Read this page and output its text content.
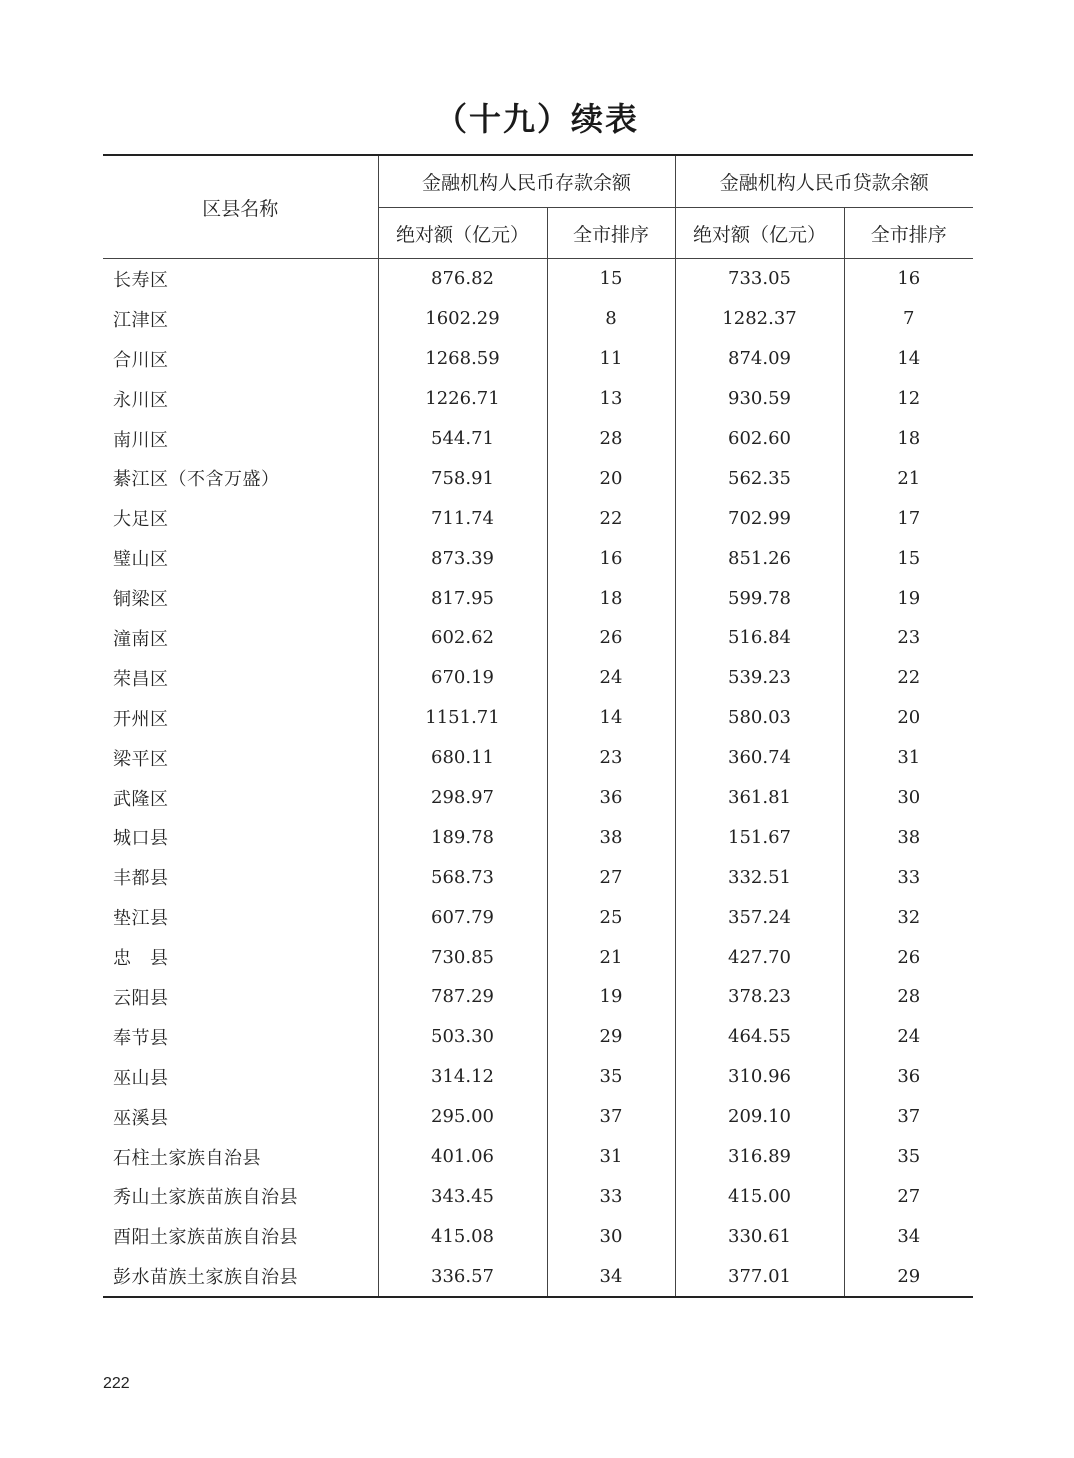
（十九）续表
区县名称	金融机构人民币存款余额		金融机构人民币贷款余额	
	绝对额（亿元）	全市排序	绝对额（亿元）	全市排序
长寿区	876.82	15	733.05	16
江津区	1602.29	8	1282.37	7
合川区	1268.59	11	874.09	14
永川区	1226.71	13	930.59	12
南川区	544.71	28	602.60	18
綦江区（不含万盛）	758.91	20	562.35	21
大足区	711.74	22	702.99	17
璧山区	873.39	16	851.26	15
铜梁区	817.95	18	599.78	19
潼南区	602.62	26	516.84	23
荣昌区	670.19	24	539.23	22
开州区	1151.71	14	580.03	20
梁平区	680.11	23	360.74	31
武隆区	298.97	36	361.81	30
城口县	189.78	38	151.67	38
丰都县	568.73	27	332.51	33
垫江县	607.79	25	357.24	32
忠　县	730.85	21	427.70	26
云阳县	787.29	19	378.23	28
奉节县	503.30	29	464.55	24
巫山县	314.12	35	310.96	36
巫溪县	295.00	37	209.10	37
石柱土家族自治县	401.06	31	316.89	35
秀山土家族苗族自治县	343.45	33	415.00	27
酉阳土家族苗族自治县	415.08	30	330.61	34
彭水苗族土家族自治县	336.57	34	377.01	29
222
